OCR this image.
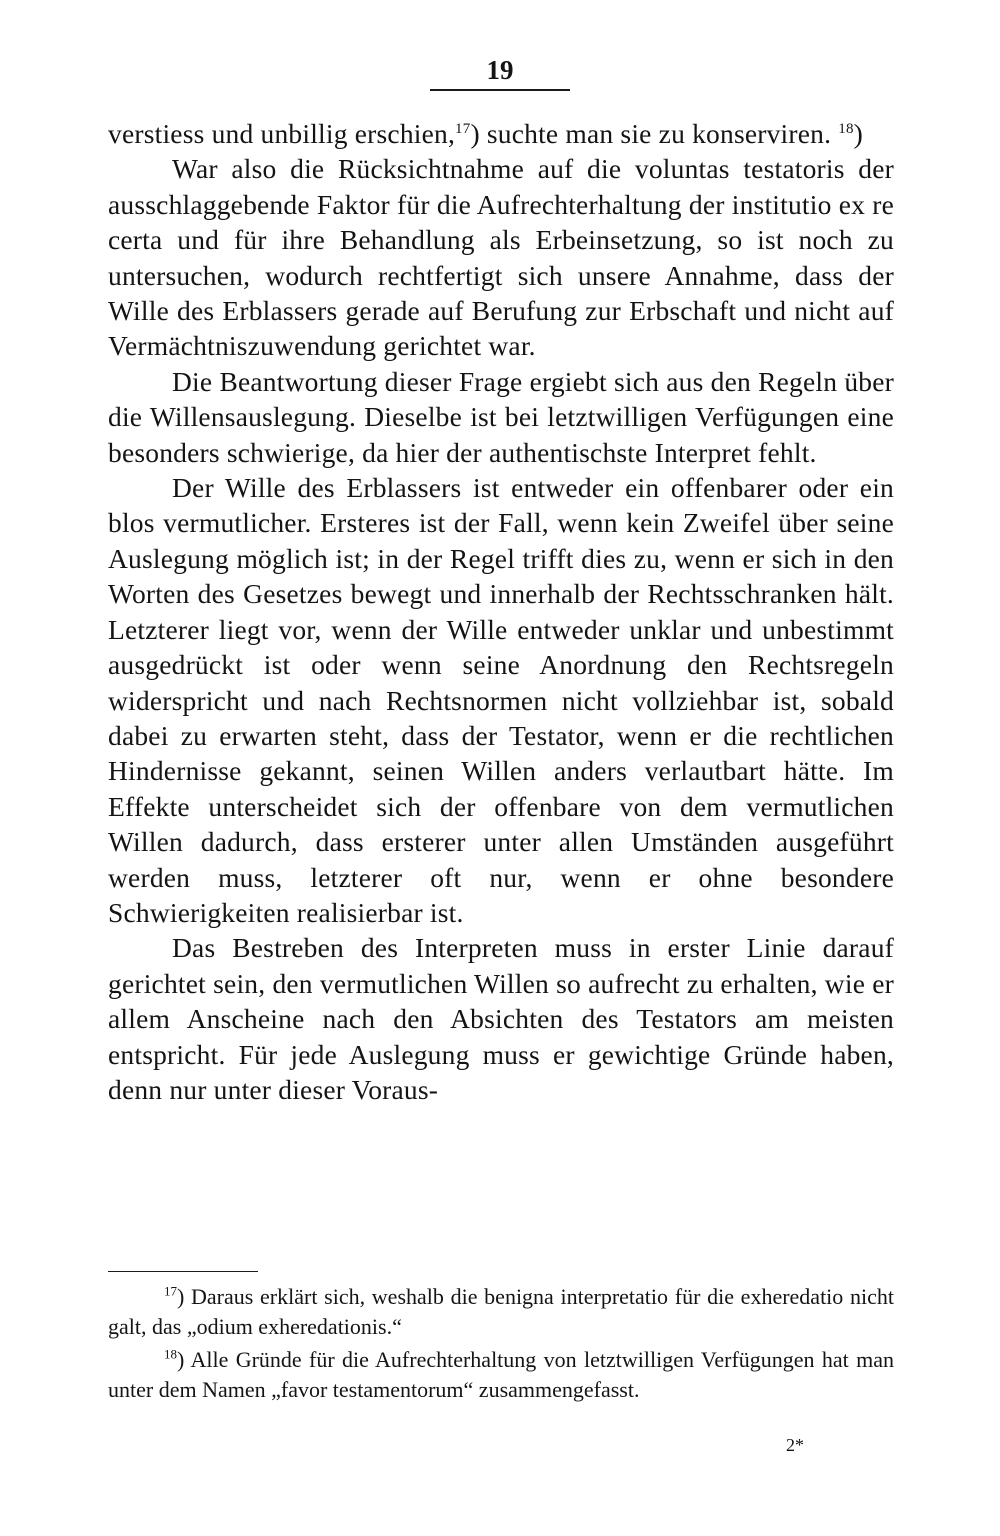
19

verstiess und unbillig erschien,$^{17}$) suchte man sie zu konserviren. $^{18}$)

War also die Rücksichtnahme auf die voluntas testatoris der ausschlaggebende Faktor für die Aufrechterhaltung der institutio ex re certa und für ihre Behandlung als Erbeinsetzung, so ist noch zu untersuchen, wodurch rechtfertigt sich unsere Annahme, dass der Wille des Erblassers gerade auf Berufung zur Erbschaft und nicht auf Vermächtniszuwendung gerichtet war.

Die Beantwortung dieser Frage ergiebt sich aus den Regeln über die Willensauslegung. Dieselbe ist bei letztwilligen Verfügungen eine besonders schwierige, da hier der authentischste Interpret fehlt.

Der Wille des Erblassers ist entweder ein offenbarer oder ein blos vermutlicher. Ersteres ist der Fall, wenn kein Zweifel über seine Auslegung möglich ist; in der Regel trifft dies zu, wenn er sich in den Worten des Gesetzes bewegt und innerhalb der Rechtsschranken hält. Letzterer liegt vor, wenn der Wille entweder unklar und unbestimmt ausgedrückt ist oder wenn seine Anordnung den Rechtsregeln widerspricht und nach Rechtsnormen nicht vollziehbar ist, sobald dabei zu erwarten steht, dass der Testator, wenn er die rechtlichen Hindernisse gekannt, seinen Willen anders verlautbart hätte. Im Effekte unterscheidet sich der offenbare von dem vermutlichen Willen dadurch, dass ersterer unter allen Umständen ausgeführt werden muss, letzterer oft nur, wenn er ohne besondere Schwierigkeiten realisierbar ist.

Das Bestreben des Interpreten muss in erster Linie darauf gerichtet sein, den vermutlichen Willen so aufrecht zu erhalten, wie er allem Anscheine nach den Absichten des Testators am meisten entspricht. Für jede Auslegung muss er gewichtige Gründe haben, denn nur unter dieser Voraus-

$^{17}$) Daraus erklärt sich, weshalb die benigna interpretatio für die exheredatio nicht galt, das „odium exheredationis.“

$^{18}$) Alle Gründe für die Aufrechterhaltung von letztwilligen Verfügungen hat man unter dem Namen „favor testamentorum“ zusammengefasst.

2*
